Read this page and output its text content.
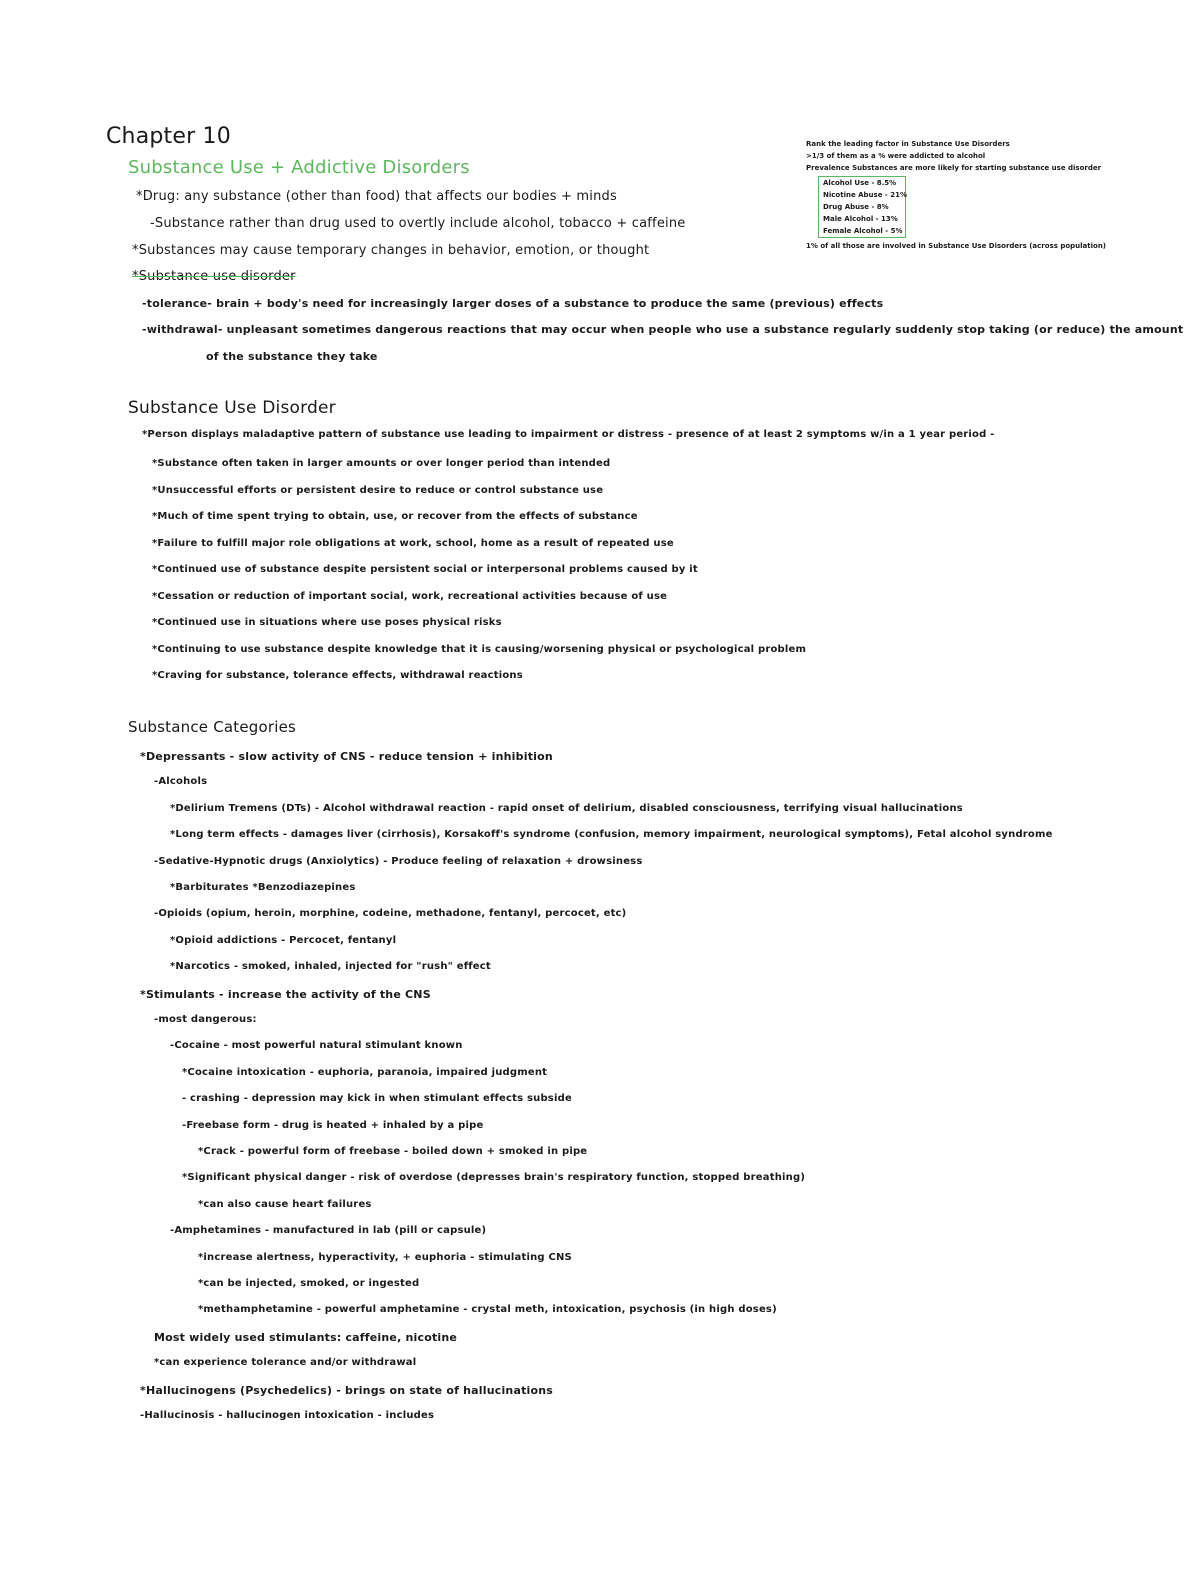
Chapter 10
Substance Use + Addictive Disorders
Rank the leading factor in Substance Use Disorders
>1/3 of them as a % were addicted to alcohol
Prevalence Substances are more likely for starting substance use disorder
Alcohol Use - 8.5%
Nicotine Abuse - 21%
Drug Abuse - 8%
Male Alcohol - 13%
Female Alcohol - 5%
1% of all those are involved in Substance Use Disorders (across population)
*Drug: any substance (other than food) that affects our bodies + minds
-Substance rather than drug used to overtly include alcohol, tobacco + caffeine
*Substances may cause temporary changes in behavior, emotion, or thought
*Substance use disorder
-tolerance- brain + body's need for increasingly larger doses of a substance to produce the same (previous) effects
-withdrawal- unpleasant sometimes dangerous reactions that may occur when people who use a substance regularly suddenly stop taking (or reduce) the amount
of the substance they take
Substance Use Disorder
*Person displays maladaptive pattern of substance use leading to impairment or distress - presence of at least 2 symptoms w/in a 1 year period -
*Substance often taken in larger amounts or over longer period than intended
*Unsuccessful efforts or persistent desire to reduce or control substance use
*Much of time spent trying to obtain, use, or recover from the effects of substance
*Failure to fulfill major role obligations at work, school, home as a result of repeated use
*Continued use of substance despite persistent social or interpersonal problems caused by it
*Cessation or reduction of important social, work, recreational activities because of use
*Continued use in situations where use poses physical risks
*Continuing to use substance despite knowledge that it is causing/worsening physical or psychological problem
*Craving for substance, tolerance effects, withdrawal reactions
Substance Categories
*Depressants - slow activity of CNS - reduce tension + inhibition
-Alcohols
*Delirium Tremens (DTs) - Alcohol withdrawal reaction - rapid onset of delirium, disabled consciousness, terrifying visual hallucinations
*Long term effects - damages liver (cirrhosis), Korsakoff's syndrome (confusion, memory impairment, neurological symptoms), Fetal alcohol syndrome
-Sedative-Hypnotic drugs (Anxiolytics) - Produce feeling of relaxation + drowsiness
*Barbiturates *Benzodiazepines
-Opioids (opium, heroin, morphine, codeine, methadone, fentanyl, percocet, etc)
*Opioid addictions - Percocet, fentanyl
*Narcotics - smoked, inhaled, injected for "rush" effect
*Stimulants - increase the activity of the CNS
-most dangerous:
-Cocaine - most powerful natural stimulant known
*Cocaine intoxication - euphoria, paranoia, impaired judgment
- crashing - depression may kick in when stimulant effects subside
-Freebase form - drug is heated + inhaled by a pipe
*Crack - powerful form of freebase - boiled down + smoked in pipe
*Significant physical danger - risk of overdose (depresses brain's respiratory function, stopped breathing)
*can also cause heart failures
-Amphetamines - manufactured in lab (pill or capsule)
*increase alertness, hyperactivity, + euphoria - stimulating CNS
*can be injected, smoked, or ingested
*methamphetamine - powerful amphetamine - crystal meth, intoxication, psychosis (in high doses)
Most widely used stimulants: caffeine, nicotine
*can experience tolerance and/or withdrawal
*Hallucinogens (Psychedelics) - brings on state of hallucinations
-Hallucinosis - hallucinogen intoxication - includes
